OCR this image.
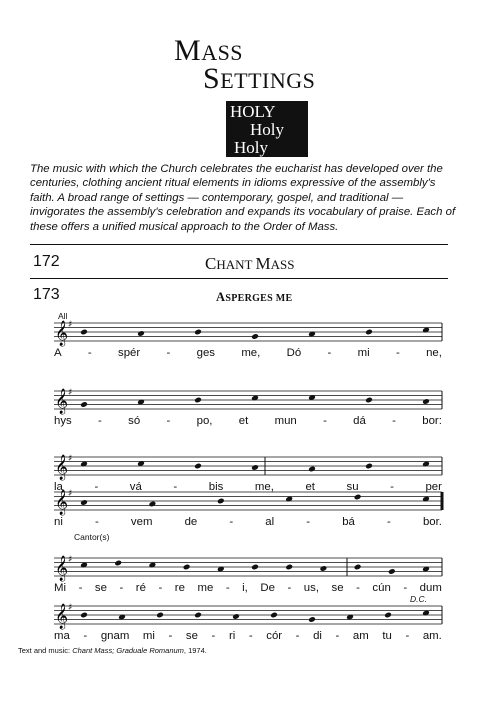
MASS
SETTINGS
HOLY
Holy
Holy
The music with which the Church celebrates the eucharist has developed over the centuries, clothing ancient ritual elements in idioms expressive of the assembly's faith. A broad range of settings — contemporary, gospel, and traditional — invigorates the assembly's celebration and expands its vocabulary of praise. Each of these offers a unified musical approach to the Order of Mass.
172	CHANT MASS
173	ASPERGES ME
All
Cantor(s)
D.C.
𝄞 ♯
A - spér - ges me, Dó - mi - ne,
𝄞 ♯
hys - só - po, et mun - dá - bor:
𝄞 ♯
la	-	vá	-	bis	me,	et	su	-	per
𝄞 ♯
ni	-	vem	de	-	al	-	bá	-	bor.
𝄞 ♯
Mi - se - ré - re me - i, De - us, se - cún - dum
𝄞 ♯
ma - gnam mi - se - ri - cór - di - am tu - am.
Text and music: Chant Mass; Graduale Romanum, 1974.
